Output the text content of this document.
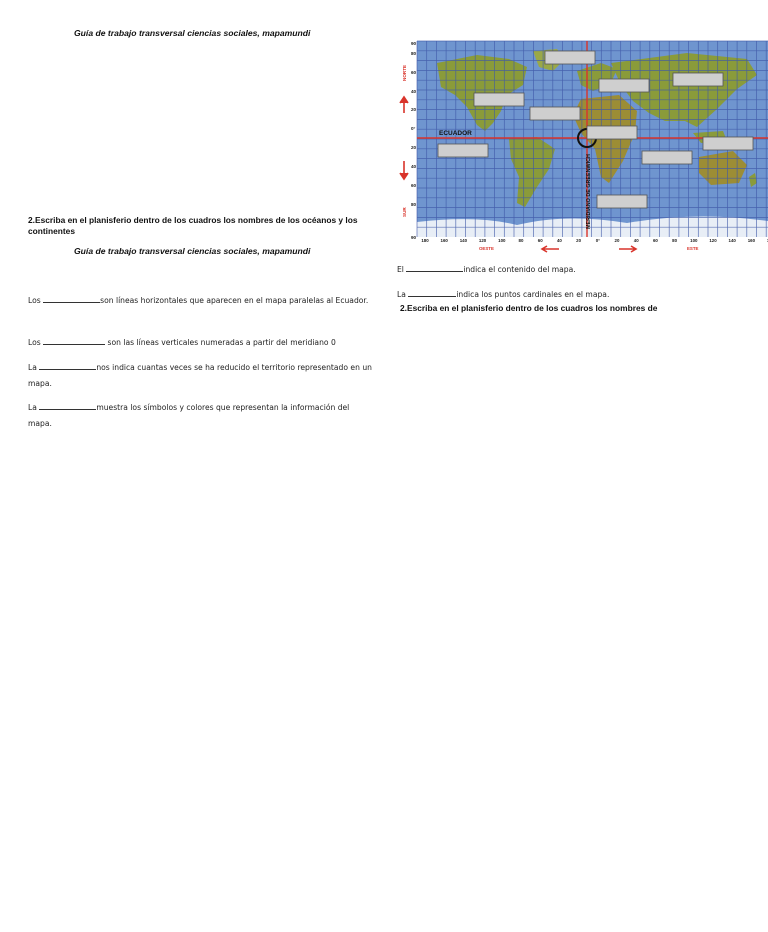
Guía de trabajo transversal ciencias sociales, mapamundi
2.Escriba en el planisferio dentro de los cuadros los nombres de los océanos y los continentes
Guía de trabajo transversal ciencias sociales, mapamundi
Los	son líneas horizontales que aparecen en el mapa paralelas al Ecuador.
Los	son las líneas verticales numeradas a partir del meridiano 0
La	nos indica cuantas veces se ha reducido el territorio representado en un mapa.
La	muestra los símbolos y colores que representan la información del mapa.
ECUADOR
MERIDIANO DE GREENWICH
90
80
60
40
20
0°
20
40
60
80
90
NORTE
SUR
180	160	140	120	100	80	60	40	20	0°	20	40	60	80	100	120	140	160
OESTE	ESTE
El	indica el contenido del mapa.
La	indica los puntos cardinales en el mapa.
2.Escriba en el planisferio dentro de los cuadros los nombres de
